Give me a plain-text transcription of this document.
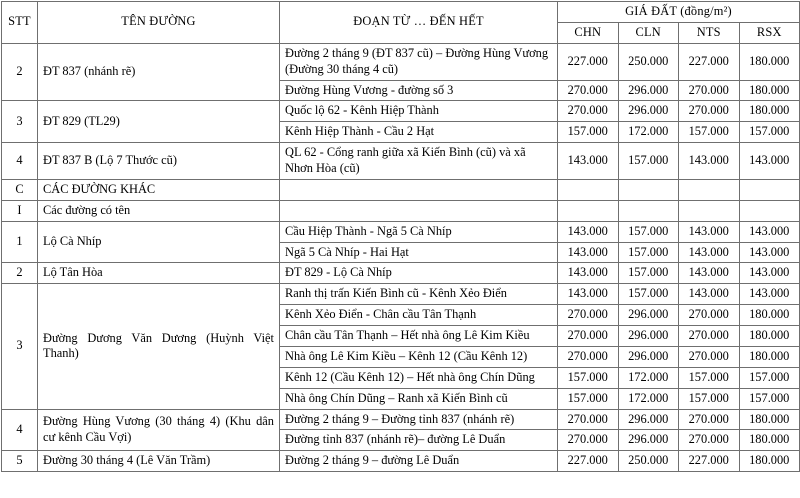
STT	TÊN ĐƯỜNG	ĐOẠN TỪ … ĐẾN HẾT	GIÁ ĐẤT (đồng/m²)			
			CHN	CLN	NTS	RSX
2	ĐT 837 (nhánh rẽ)	Đường 2 tháng 9 (ĐT 837 cũ) – Đường Hùng Vương (Đường 30 tháng 4 cũ)	227.000	250.000	227.000	180.000
		Đường Hùng Vương - đường số 3	270.000	296.000	270.000	180.000
3	ĐT 829 (TL29)	Quốc lộ 62 - Kênh Hiệp Thành	270.000	296.000	270.000	180.000
		Kênh Hiệp Thành - Cầu 2 Hạt	157.000	172.000	157.000	157.000
4	ĐT 837 B (Lộ 7 Thước cũ)	QL 62 - Cổng ranh giữa xã Kiến Bình (cũ) và xã Nhơn Hòa (cũ)	143.000	157.000	143.000	143.000
C	CÁC ĐƯỜNG KHÁC					
I	Các đường có tên					
1	Lộ Cà Nhíp	Cầu Hiệp Thành - Ngã 5 Cà Nhíp	143.000	157.000	143.000	143.000
		Ngã 5 Cà Nhíp - Hai Hạt	143.000	157.000	143.000	143.000
2	Lộ Tân Hòa	ĐT 829 - Lộ Cà Nhíp	143.000	157.000	143.000	143.000
3	Đường Dương Văn Dương (Huỳnh Việt Thanh)	Ranh thị trấn Kiến Bình cũ - Kênh Xẻo Điển	143.000	157.000	143.000	143.000
		Kênh Xẻo Điển - Chân cầu Tân Thạnh	270.000	296.000	270.000	180.000
		Chân cầu Tân Thạnh – Hết nhà ông Lê Kim Kiều	270.000	296.000	270.000	180.000
		Nhà ông Lê Kim Kiều – Kênh 12 (Cầu Kênh 12)	270.000	296.000	270.000	180.000
		Kênh 12 (Cầu Kênh 12) – Hết nhà ông Chín Dũng	157.000	172.000	157.000	157.000
		Nhà ông Chín Dũng – Ranh xã Kiến Bình cũ	157.000	172.000	157.000	157.000
4	Đường Hùng Vương (30 tháng 4) (Khu dân cư kênh Cầu Vợi)	Đường 2 tháng 9 – Đường tỉnh 837 (nhánh rẽ)	270.000	296.000	270.000	180.000
		Đường tỉnh 837 (nhánh rẽ)– đường Lê Duẩn	270.000	296.000	270.000	180.000
5	Đường 30 tháng 4 (Lê Văn Trầm)	Đường 2 tháng 9 – đường Lê Duẩn	227.000	250.000	227.000	180.000
